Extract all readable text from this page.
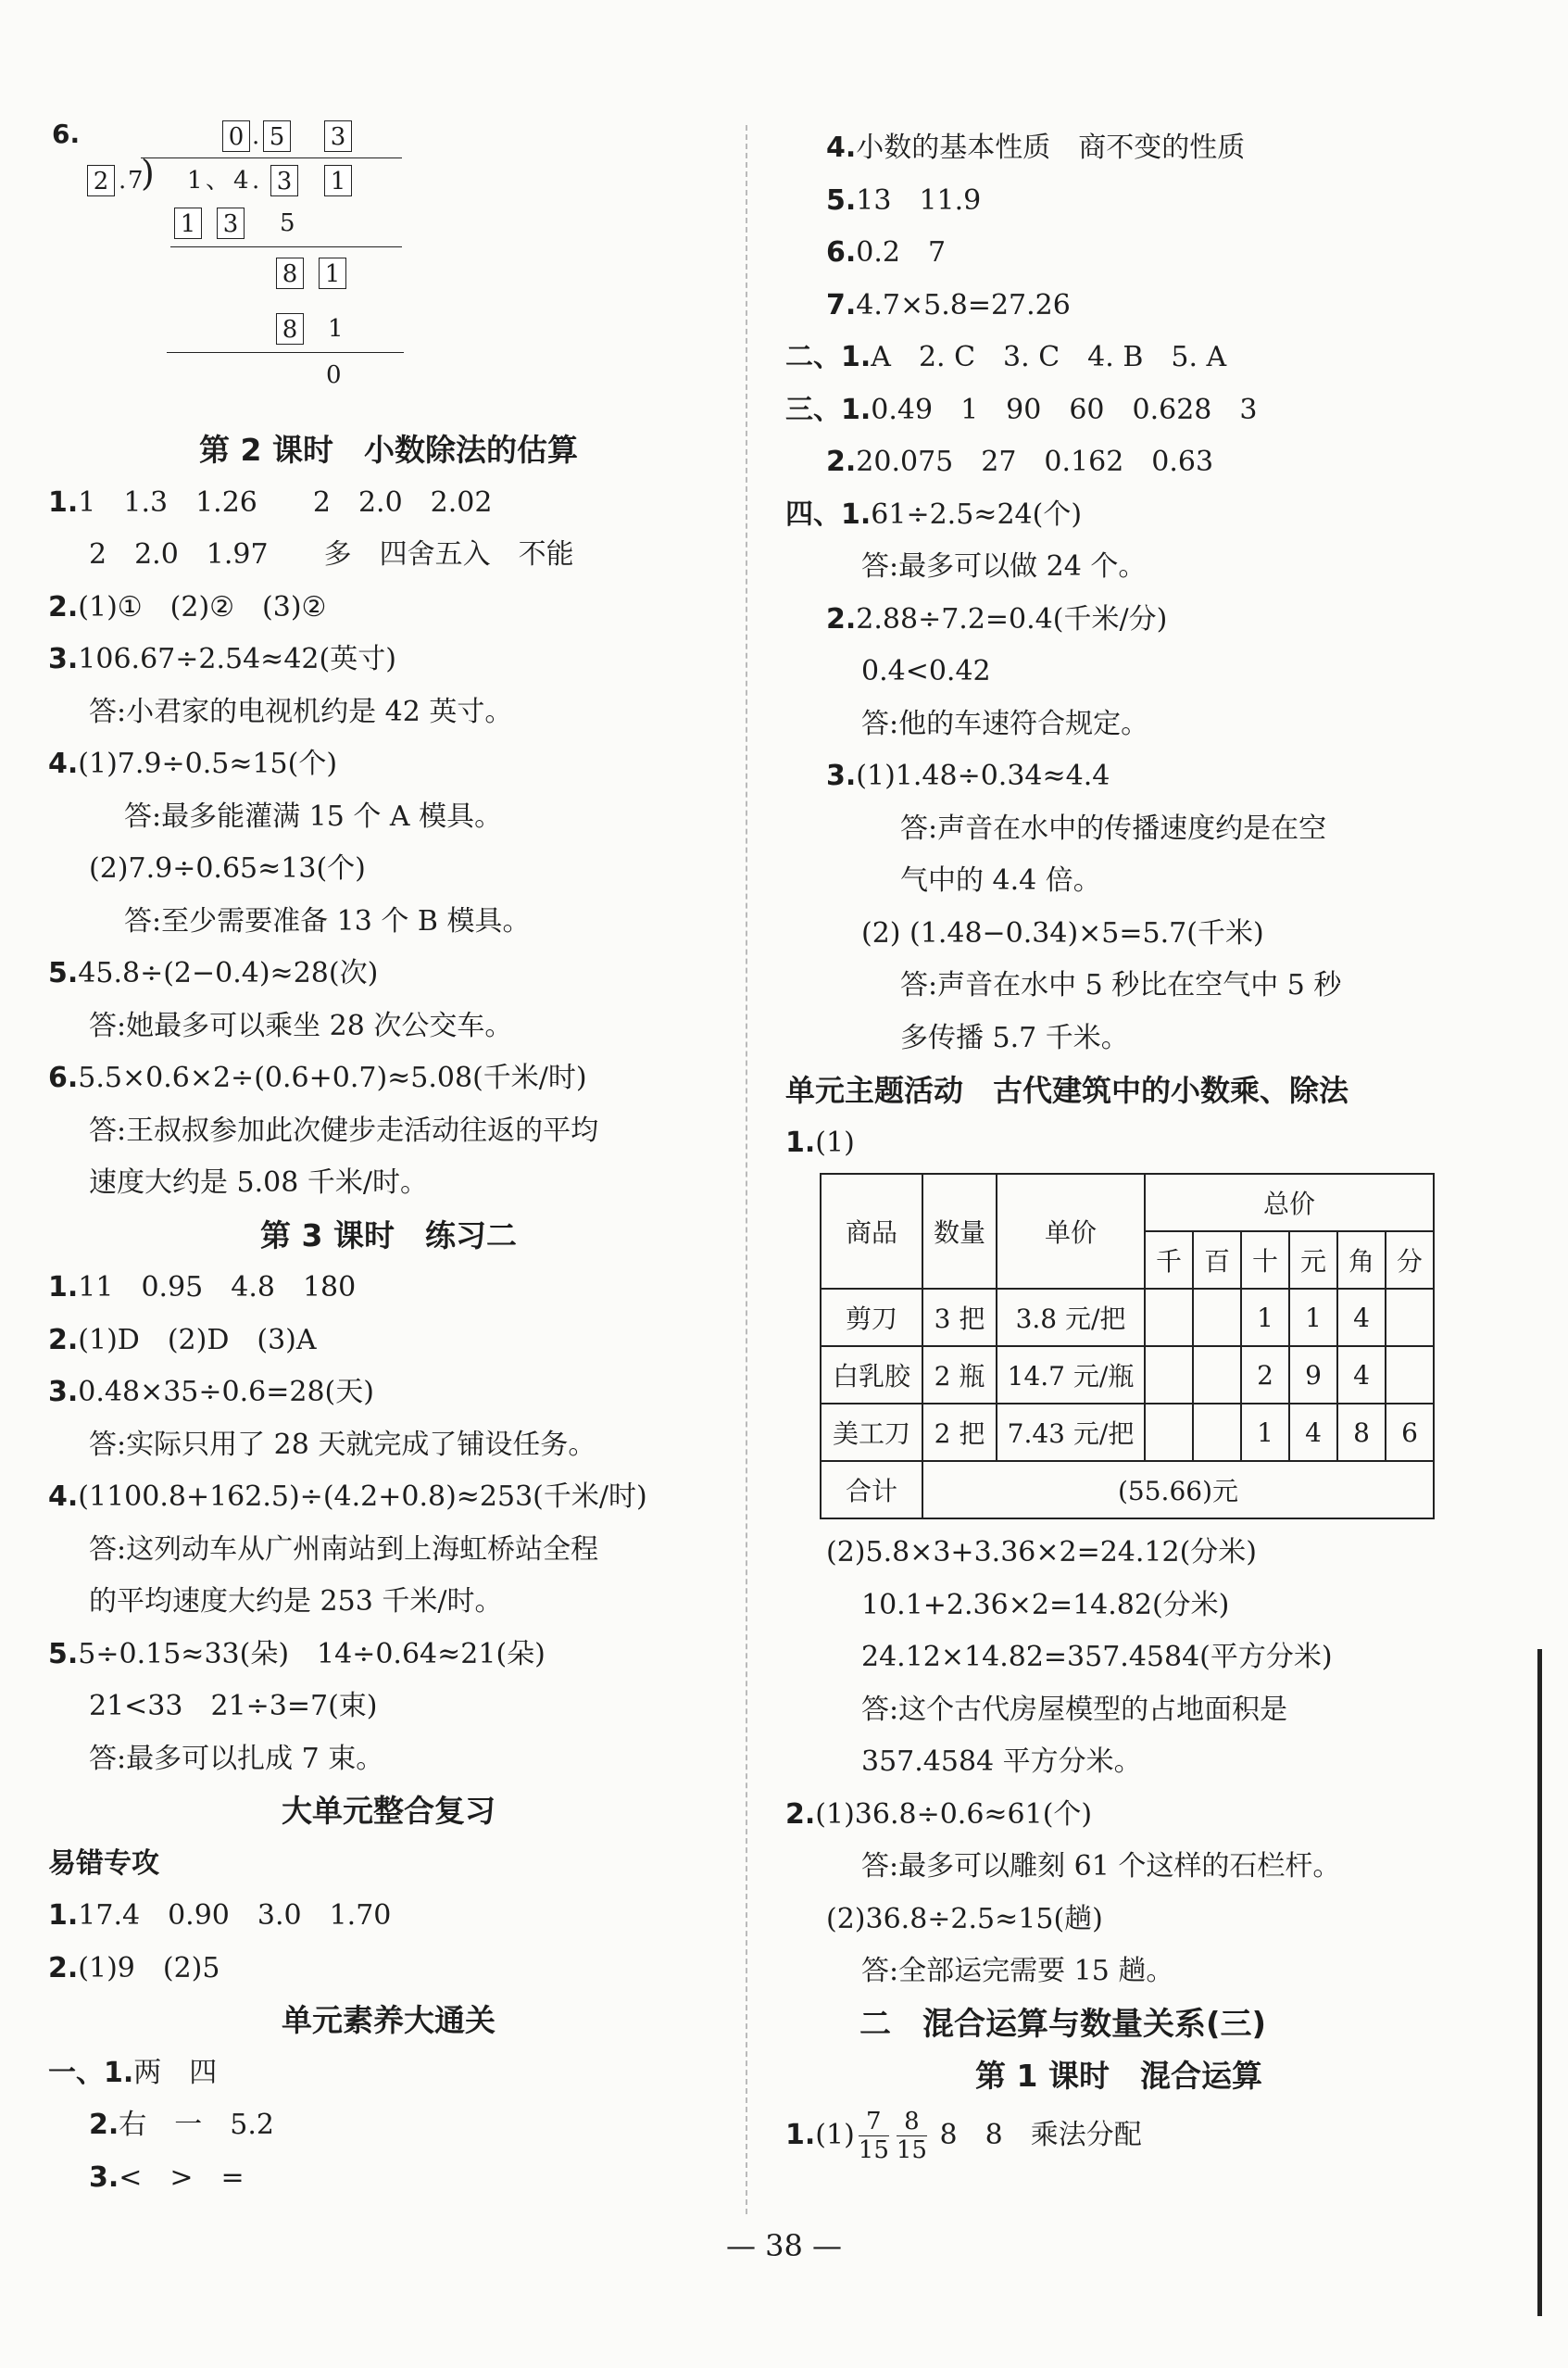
6.	0 . 5 3
2 . 7
) 1 、 4 . 3 1
1 3 5
8 1
8 1
0
第 2 课时　小数除法的估算
1.1　1.3　1.26　　2　2.0　2.02
2　2.0　1.97　　多　四舍五入　不能
2.(1)①　(2)②　(3)②
3.106.67÷2.54≈42(英寸)
答:小君家的电视机约是 42 英寸。
4.(1)7.9÷0.5≈15(个)
答:最多能灌满 15 个 A 模具。
(2)7.9÷0.65≈13(个)
答:至少需要准备 13 个 B 模具。
5.45.8÷(2−0.4)≈28(次)
答:她最多可以乘坐 28 次公交车。
6.5.5×0.6×2÷(0.6+0.7)≈5.08(千米/时)
答:王叔叔参加此次健步走活动往返的平均
速度大约是 5.08 千米/时。
第 3 课时　练习二
1.11　0.95　4.8　180
2.(1)D　(2)D　(3)A
3.0.48×35÷0.6=28(天)
答:实际只用了 28 天就完成了铺设任务。
4.(1100.8+162.5)÷(4.2+0.8)≈253(千米/时)
答:这列动车从广州南站到上海虹桥站全程
的平均速度大约是 253 千米/时。
5.5÷0.15≈33(朵)　14÷0.64≈21(朵)
21<33　21÷3=7(束)
答:最多可以扎成 7 束。
大单元整合复习
易错专攻
1.17.4　0.90　3.0　1.70
2.(1)9　(2)5
单元素养大通关
一、1.两　四
2.右　一　5.2
3.<　>　=
4.小数的基本性质　商不变的性质
5.13　11.9
6.0.2　7
7.4.7×5.8=27.26
二、1.A　2. C　3. C　4. B　5. A
三、1.0.49　1　90　60　0.628　3
2.20.075　27　0.162　0.63
四、1.61÷2.5≈24(个)
答:最多可以做 24 个。
2.2.88÷7.2=0.4(千米/分)
0.4<0.42
答:他的车速符合规定。
3.(1)1.48÷0.34≈4.4
答:声音在水中的传播速度约是在空
气中的 4.4 倍。
(2) (1.48−0.34)×5=5.7(千米)
答:声音在水中 5 秒比在空气中 5 秒
多传播 5.7 千米。
单元主题活动　古代建筑中的小数乘、除法
1.(1)
商品	数量	单价	总价					
			千	百	十	元	角	分
剪刀	3 把	3.8 元/把			1	1	4	
白乳胶	2 瓶	14.7 元/瓶			2	9	4	
美工刀	2 把	7.43 元/把			1	4	8	6
合计	(55.66)元							
(2)5.8×3+3.36×2=24.12(分米)
10.1+2.36×2=14.82(分米)
24.12×14.82=357.4584(平方分米)
答:这个古代房屋模型的占地面积是
357.4584 平方分米。
2.(1)36.8÷0.6≈61(个)
答:最多可以雕刻 61 个这样的石栏杆。
(2)36.8÷2.5≈15(趟)
答:全部运完需要 15 趟。
二　混合运算与数量关系(三)
第 1 课时　混合运算
$1.(1) \frac{7}{15} \frac{8}{15} 8$　8　乘法分配
— 38 —
